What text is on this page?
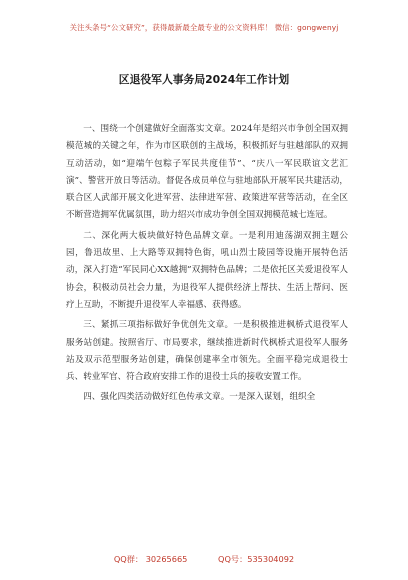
关注头条号“公文研究”，获得最新最全最专业的公文资料库！ 微信：gongwenyj
区退役军人事务局2024年工作计划

一、围绕一个创建做好全面落实文章。2024年是绍兴市争创全国双拥模范城的关键之年，作为市区联创的主战场，积极抓好与驻越部队的双拥互动活动，如“迎端午包粽子军民共度佳节”、“庆八一军民联谊文艺汇演”、警营开放日等活动。督促各成员单位与驻地部队开展军民共建活动，联合区人武部开展文化进军营、法律进军营、政策进军营等活动，在全区不断营造拥军优属氛围，助力绍兴市成功争创全国双拥模范城七连冠。

二、深化两大板块做好特色品牌文章。一是利用迪荡湖双拥主题公园，鲁迅故里、上大路等双拥特色街，吼山烈士陵园等设施开展特色活动，深入打造“军民同心XX越拥”双拥特色品牌；二是依托区关爱退役军人协会，积极动员社会力量，为退役军人提供经济上帮扶、生活上帮问、医疗上互助，不断提升退役军人幸福感、获得感。

三、紧抓三项指标做好争优创先文章。一是积极推进枫桥式退役军人服务站创建。按照省厅、市局要求，继续推进新时代枫桥式退役军人服务站及双示范型服务站创建，确保创建率全市领先。全面平稳完成退役士兵、转业军官、符合政府安排工作的退役士兵的接收安置工作。

四、强化四类活动做好红色传承文章。一是深入谋划，组织全

QQ群： 30265665	QQ号：535304092
